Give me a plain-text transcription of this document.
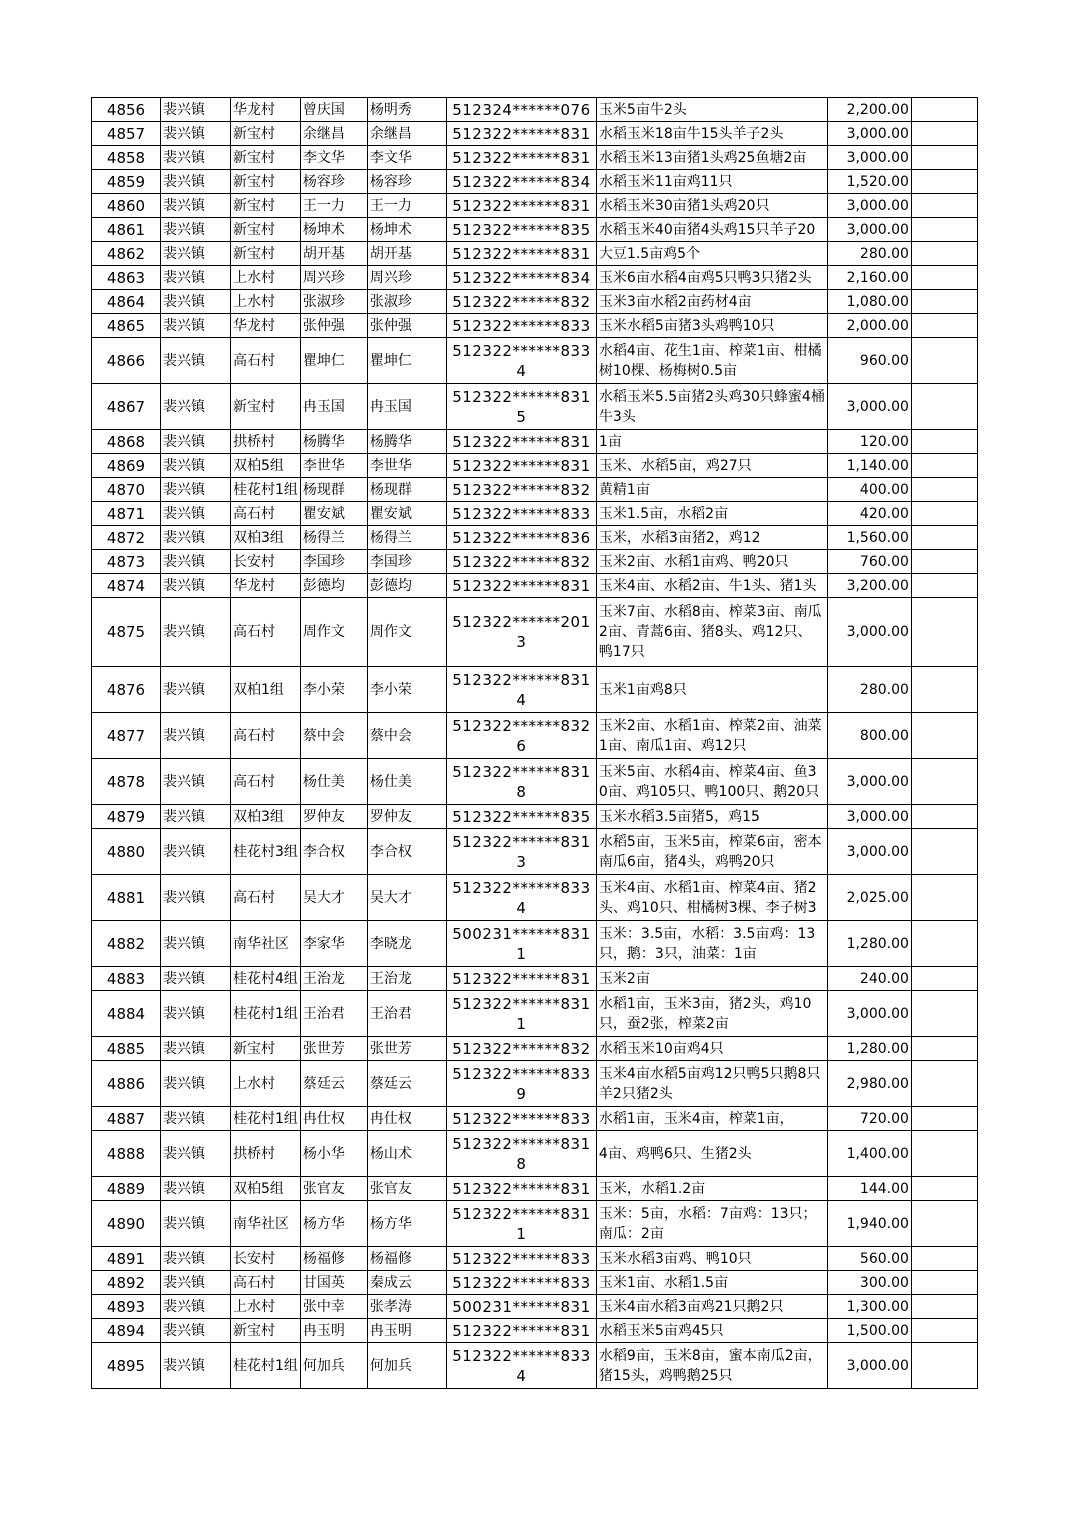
4856	裴兴镇	华龙村	曾庆国	杨明秀	512324******076	玉米5亩牛2头	2,200.00	
4857	裴兴镇	新宝村	余继昌	余继昌	512322******831	水稻玉米18亩牛15头羊子2头	3,000.00	
4858	裴兴镇	新宝村	李文华	李文华	512322******831	水稻玉米13亩猪1头鸡25鱼塘2亩	3,000.00	
4859	裴兴镇	新宝村	杨容珍	杨容珍	512322******834	水稻玉米11亩鸡11只	1,520.00	
4860	裴兴镇	新宝村	王一力	王一力	512322******831	水稻玉米30亩猪1头鸡20只	3,000.00	
4861	裴兴镇	新宝村	杨坤术	杨坤术	512322******835	水稻玉米40亩猪4头鸡15只羊子20	3,000.00	
4862	裴兴镇	新宝村	胡开基	胡开基	512322******831	大豆1.5亩鸡5个	280.00	
4863	裴兴镇	上水村	周兴珍	周兴珍	512322******834	玉米6亩水稻4亩鸡5只鸭3只猪2头	2,160.00	
4864	裴兴镇	上水村	张淑珍	张淑珍	512322******832	玉米3亩水稻2亩药材4亩	1,080.00	
4865	裴兴镇	华龙村	张仲强	张仲强	512322******833	玉米水稻5亩猪3头鸡鸭10只	2,000.00	
4866	裴兴镇	高石村	瞿坤仁	瞿坤仁	512322******8334	水稻4亩、花生1亩、榨菜1亩、柑橘树10棵、杨梅树0.5亩	960.00	
4867	裴兴镇	新宝村	冉玉国	冉玉国	512322******8315	水稻玉米5.5亩猪2头鸡30只蜂蜜4桶牛3头	3,000.00	
4868	裴兴镇	拱桥村	杨腾华	杨腾华	512322******831	1亩	120.00	
4869	裴兴镇	双柏5组	李世华	李世华	512322******831	玉米、水稻5亩，鸡27只	1,140.00	
4870	裴兴镇	桂花村1组	杨现群	杨现群	512322******832	黄精1亩	400.00	
4871	裴兴镇	高石村	瞿安斌	瞿安斌	512322******833	玉米1.5亩，水稻2亩	420.00	
4872	裴兴镇	双柏3组	杨得兰	杨得兰	512322******836	玉米，水稻3亩猪2，鸡12	1,560.00	
4873	裴兴镇	长安村	李国珍	李国珍	512322******832	玉米2亩、水稻1亩鸡、鸭20只	760.00	
4874	裴兴镇	华龙村	彭德均	彭德均	512322******831	玉米4亩、水稻2亩、牛1头、猪1头	3,200.00	
4875	裴兴镇	高石村	周作文	周作文	512322******2013	玉米7亩、水稻8亩、榨菜3亩、南瓜2亩、青蒿6亩、猪8头、鸡12只、鸭17只	3,000.00	
4876	裴兴镇	双柏1组	李小荣	李小荣	512322******8314	玉米1亩鸡8只	280.00	
4877	裴兴镇	高石村	蔡中会	蔡中会	512322******8326	玉米2亩、水稻1亩、榨菜2亩、油菜1亩、南瓜1亩、鸡12只	800.00	
4878	裴兴镇	高石村	杨仕美	杨仕美	512322******8318	玉米5亩、水稻4亩、榨菜4亩、鱼30亩、鸡105只、鸭100只、鹅20只	3,000.00	
4879	裴兴镇	双柏3组	罗仲友	罗仲友	512322******835	玉米水稻3.5亩猪5，鸡15	3,000.00	
4880	裴兴镇	桂花村3组	李合权	李合权	512322******8313	水稻5亩，玉米5亩，榨菜6亩，密本南瓜6亩，猪4头，鸡鸭20只	3,000.00	
4881	裴兴镇	高石村	吴大才	吴大才	512322******8334	玉米4亩、水稻1亩、榨菜4亩、猪2头、鸡10只、柑橘树3棵、李子树3	2,025.00	
4882	裴兴镇	南华社区	李家华	李晓龙	500231******8311	玉米：3.5亩，水稻：3.5亩鸡：13只，鹅：3只，油菜：1亩	1,280.00	
4883	裴兴镇	桂花村4组	王治龙	王治龙	512322******831	玉米2亩	240.00	
4884	裴兴镇	桂花村1组	王治君	王治君	512322******8311	水稻1亩，玉米3亩，猪2头，鸡10只，蚕2张，榨菜2亩	3,000.00	
4885	裴兴镇	新宝村	张世芳	张世芳	512322******832	水稻玉米10亩鸡4只	1,280.00	
4886	裴兴镇	上水村	蔡廷云	蔡廷云	512322******8339	玉米4亩水稻5亩鸡12只鸭5只鹅8只羊2只猪2头	2,980.00	
4887	裴兴镇	桂花村1组	冉仕权	冉仕权	512322******833	水稻1亩，玉米4亩，榨菜1亩，	720.00	
4888	裴兴镇	拱桥村	杨小华	杨山术	512322******8318	4亩、鸡鸭6只、生猪2头	1,400.00	
4889	裴兴镇	双柏5组	张官友	张官友	512322******831	玉米，水稻1.2亩	144.00	
4890	裴兴镇	南华社区	杨方华	杨方华	512322******8311	玉米：5亩，水稻：7亩鸡：13只；南瓜：2亩	1,940.00	
4891	裴兴镇	长安村	杨福修	杨福修	512322******833	玉米水稻3亩鸡、鸭10只	560.00	
4892	裴兴镇	高石村	甘国英	秦成云	512322******833	玉米1亩、水稻1.5亩	300.00	
4893	裴兴镇	上水村	张中幸	张孝涛	500231******831	玉米4亩水稻3亩鸡21只鹅2只	1,300.00	
4894	裴兴镇	新宝村	冉玉明	冉玉明	512322******831	水稻玉米5亩鸡45只	1,500.00	
4895	裴兴镇	桂花村1组	何加兵	何加兵	512322******8334	水稻9亩，玉米8亩，蜜本南瓜2亩，猪15头，鸡鸭鹅25只	3,000.00	
